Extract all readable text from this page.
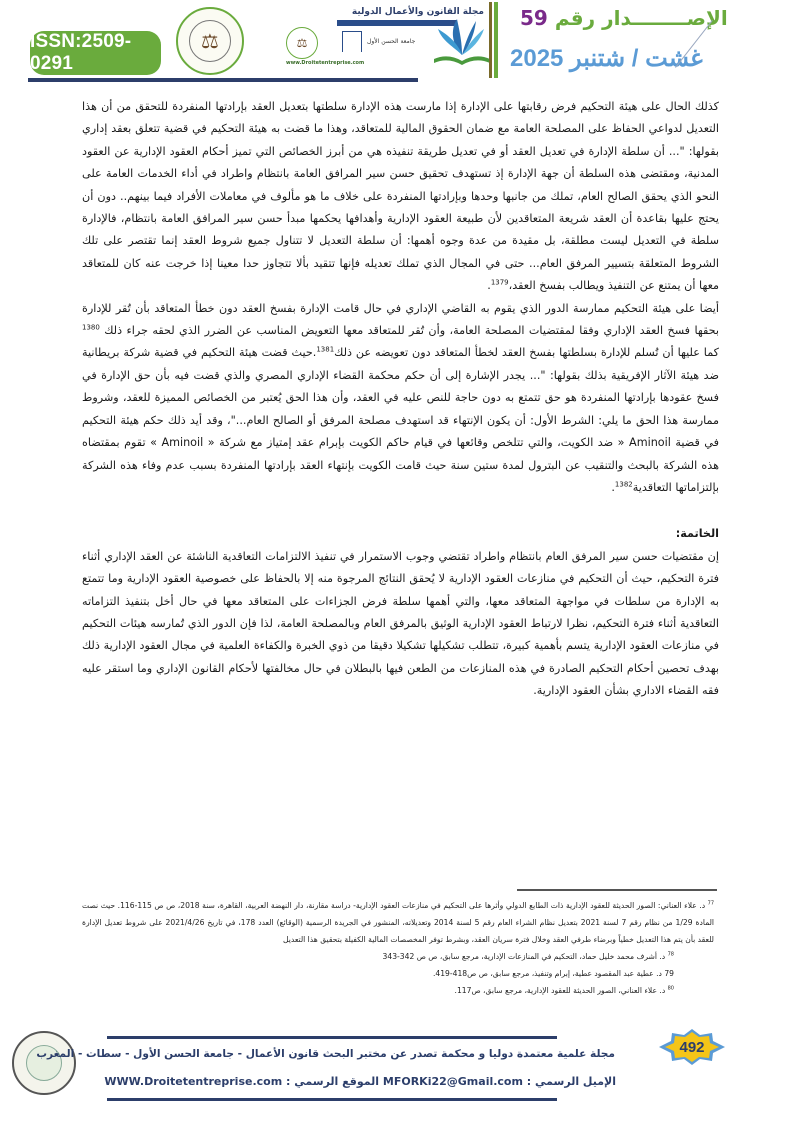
ISSN:2509-0291
⚖
مجلة القانون والأعمال الدولية
⚖	جامعة الحسن الأول
www.Droitetentreprise.com
الإصــــــــدار رقم 59
غشت / شتنبر 2025

كذلك الحال على هيئة التحكيم فرض رقابتها على الإدارة إذا مارست هذه الإدارة سلطتها بتعديل العقد بإرادتها المنفردة للتحقق من أن هذا التعديل لدواعي الحفاظ على المصلحة العامة مع ضمان الحقوق المالية للمتعاقد، وهذا ما قضت به هيئة التحكيم في قضية تتعلق بعقد إداري بقولها: "... أن سلطة الإدارة في تعديل العقد أو في تعديل طريقة تنفيذه هي من أبرز الخصائص التي تميز أحكام العقود الإدارية عن العقود المدنية، ومقتضى هذه السلطة أن جهة الإدارة إذ تستهدف تحقيق حسن سير المرافق العامة بانتظام واطراد في أداء الخدمات العامة على النحو الذي يحقق الصالح العام، تملك من جانبها وحدها وبإرادتها المنفردة على خلاف ما هو مألوف في معاملات الأفراد فيما بينهم.. دون أن يحتج عليها بقاعدة أن العقد شريعة المتعاقدين لأن طبيعة العقود الإدارية وأهدافها يحكمها مبدأ حسن سير المرافق العامة بانتظام، فالإدارة سلطة في التعديل ليست مطلقة، بل مقيدة من عدة وجوه أهمها: أن سلطة التعديل لا تتناول جميع شروط العقد إنما تقتصر على تلك الشروط المتعلقة بتسيير المرفق العام... حتى في المجال الذي تملك تعديله فإنها تتقيد بألا تتجاوز حدا معينا إذا خرجت عنه كان للمتعاقد معها أن يمتنع عن التنفيذ ويطالب بفسخ العقد،$^{1379}$.

أيضا على هيئة التحكيم ممارسة الدور الذي يقوم به القاضي الإداري في حال قامت الإدارة بفسخ العقد دون خطأ المتعاقد بأن تُقر للإدارة بحقها فسخ العقد الإداري وفقا لمقتضيات المصلحة العامة، وأن تُقر للمتعاقد معها التعويض المناسب عن الضرر الذي لحقه جراء ذلك $^{1380}$ كما عليها أن تُسلم للإدارة بسلطتها بفسخ العقد لخطأ المتعاقد دون تعويضه عن ذلك$^{1381}$.حيث قضت هيئة التحكيم في قضية شركة بريطانية ضد هيئة الآثار الإفريقية بذلك بقولها: "... يجدر الإشارة إلى أن حكم محكمة القضاء الإداري المصري والذي قضت فيه بأن حق الإدارة في فسخ عقودها بإرادتها المنفردة هو حق تتمتع به دون حاجة للنص عليه في العقد، وأن هذا الحق يُعتبر من الخصائص المميزة للعقد، وشروط ممارسة هذا الحق ما يلي: الشرط الأول: أن يكون الإنتهاء قد استهدف مصلحة المرفق أو الصالح العام..."، وقد أيد ذلك حكم هيئة التحكيم في قضية Aminoil « ضد الكويت، والتي تتلخص وقائعها في قيام حاكم الكويت بإبرام عقد إمتياز مع شركة « Aminoil » تقوم بمقتضاه هذه الشركة بالبحث والتنقيب عن البترول لمدة ستين سنة حيث قامت الكويت بإنتهاء العقد بإرادتها المنفردة بسبب عدم وفاء هذه الشركة بإلتزاماتها التعاقدية$^{1382}$.

الخاتمة:

إن مقتضيات حسن سير المرفق العام بانتظام واطراد تقتضي وجوب الاستمرار في تنفيذ الالتزامات التعاقدية الناشئة عن العقد الإداري أثناء فترة التحكيم، حيث أن التحكيم في منازعات العقود الإدارية لا يُحقق النتائج المرجوة منه إلا بالحفاظ على خصوصية العقود الإدارية وما تتمتع به الإدارة من سلطات في مواجهة المتعاقد معها، والتي أهمها سلطة فرض الجزاءات على المتعاقد معها في حال أخل بتنفيذ التزاماته التعاقدية أثناء فترة التحكيم، نظرا لارتباط العقود الإدارية الوثيق بالمرفق العام وبالمصلحة العامة، لذا فإن الدور الذي تُمارسه هيئات التحكيم في منازعات العقود الإدارية يتسم بأهمية كبيرة، تتطلب تشكيلها تشكيلا دقيقا من ذوي الخبرة والكفاءة العلمية في مجال العقود الإدارية ذلك بهدف تحصين أحكام التحكيم الصادرة في هذه المنازعات من الطعن فيها بالبطلان في حال مخالفتها لأحكام القانون الإداري وما استقر عليه فقه القضاء الاداري بشأن العقود الإدارية.

$^{77}$ د. علاء العناني: الصور الحديثة للعقود الإدارية ذات الطابع الدولي وأثرها على التحكيم في منازعات العقود الإدارية- دراسة مقارنة، دار النهضة العربية، القاهرة، سنة 2018، ص ص 115-116. حيث نصت المادة 1/29 من نظام رقم 7 لسنة 2021 بتعديل نظام الشراء العام رقم 5 لسنة 2014 وتعديلاته، المنشور في الجريدة الرسمية (الوقائع) العدد 178، في تاريخ 2021/4/26 على شروط تعديل الإدارة للعقد بأن يتم هذا التعديل خطياً وبرضاء طرفي العقد وخلال فترة سريان العقد، وبشرط توفر المخصصات المالية الكفيلة بتحقيق هذا التعديل

$^{78}$ د. أشرف محمد خليل حماد، التحكيم في المنازعات الإدارية، مرجع سابق، ص ص 342-343

79 د. عطية عبد المقصود عطية، إبرام وتنفيذ، مرجع سابق، ص ص418-419.

$^{80}$ د. علاء العناني، الصور الحديثة للعقود الإدارية، مرجع سابق، ص117.

مجلة علمية معتمدة دوليا و محكمة تصدر عن مختبر البحث قانون الأعمال - جامعة الحسن الأول - سطات - المغرب
الإميل الرسمي : MFORKi22@Gmail.com الموقع الرسمي : WWW.Droitetentreprise.com
492
